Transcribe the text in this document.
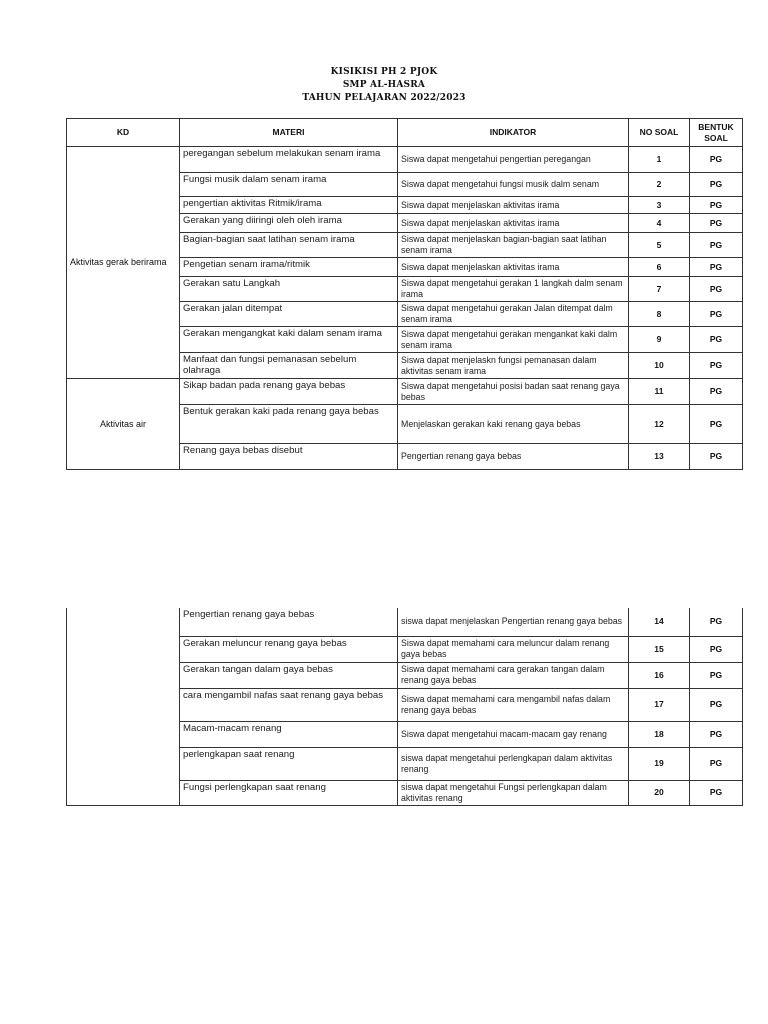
KISIKISI PH 2 PJOK
SMP AL-HASRA
TAHUN PELAJARAN 2022/2023
KD	MATERI	INDIKATOR	NO SOAL	BENTUK SOAL
Aktivitas gerak berirama	peregangan sebelum melakukan senam irama	Siswa dapat mengetahui pengertian peregangan	1	PG
	Fungsi musik dalam senam irama	Siswa dapat mengetahui fungsi musik dalm senam	2	PG
	pengertian aktivitas Ritmik/irama	Siswa dapat menjelaskan aktivitas irama	3	PG
	Gerakan yang diiringi oleh oleh irama	Siswa dapat menjelaskan aktivitas irama	4	PG
	Bagian-bagian saat latihan senam irama	Siswa dapat menjelaskan bagian-bagian saat latihan senam irama	5	PG
	Pengetian senam irama/ritmik	Siswa dapat menjelaskan aktivitas irama	6	PG
	Gerakan satu Langkah	Siswa dapat mengetahui gerakan 1 langkah dalm senam irama	7	PG
	Gerakan jalan ditempat	Siswa dapat mengetahui gerakan Jalan ditempat dalm senam irama	8	PG
	Gerakan mengangkat kaki dalam senam irama	Siswa dapat mengetahui gerakan mengankat kaki dalm senam irama	9	PG
	Manfaat dan fungsi pemanasan sebelum olahraga	Siswa dapat menjelaskn fungsi pemanasan dalam aktivitas senam irama	10	PG
Aktivitas air	Sikap badan pada renang gaya bebas	Siswa dapat mengetahui posisi badan saat renang gaya bebas	11	PG
	Bentuk gerakan kaki pada renang gaya bebas	Menjelaskan gerakan kaki renang gaya bebas	12	PG
	Renang gaya bebas disebut	Pengertian renang gaya bebas	13	PG
	Pengertian renang gaya bebas	siswa dapat menjelaskan Pengertian renang gaya bebas	14	PG
	Gerakan meluncur renang gaya bebas	Siswa dapat memahami cara meluncur dalam renang gaya bebas	15	PG
	Gerakan tangan dalam gaya bebas	Siswa dapat memahami cara gerakan tangan dalam renang gaya bebas	16	PG
	cara mengambil nafas saat renang gaya bebas	Siswa dapat memahami cara mengambil nafas dalam renang gaya bebas	17	PG
	Macam-macam renang	Siswa dapat mengetahui macam-macam gay renang	18	PG
	perlengkapan saat renang	siswa dapat mengetahui perlengkapan dalam aktivitas renang	19	PG
	Fungsi perlengkapan saat renang	siswa dapat mengetahui Fungsi perlengkapan dalam aktivitas renang	20	PG
